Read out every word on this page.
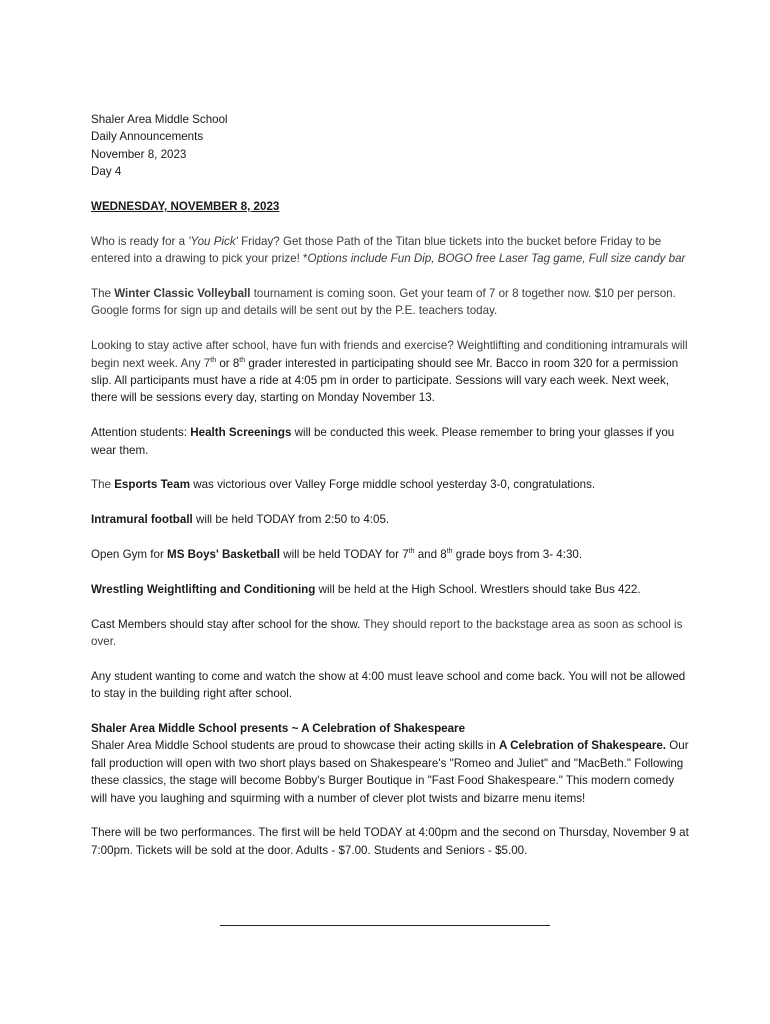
Shaler Area Middle School

Daily Announcements

November 8, 2023

Day 4

WEDNESDAY, NOVEMBER 8, 2023

Who is ready for a 'You Pick' Friday? Get those Path of the Titan blue tickets into the bucket before Friday to be entered into a drawing to pick your prize! *Options include Fun Dip, BOGO free Laser Tag game, Full size candy bar

The Winter Classic Volleyball tournament is coming soon. Get your team of 7 or 8 together now. $10 per person. Google forms for sign up and details will be sent out by the P.E. teachers today.

Looking to stay active after school, have fun with friends and exercise? Weightlifting and conditioning intramurals will begin next week. Any 7th or 8th grader interested in participating should see Mr. Bacco in room 320 for a permission slip. All participants must have a ride at 4:05 pm in order to participate. Sessions will vary each week. Next week, there will be sessions every day, starting on Monday November 13.

Attention students: Health Screenings will be conducted this week. Please remember to bring your glasses if you wear them.

The Esports Team was victorious over Valley Forge middle school yesterday 3-0, congratulations.

Intramural football will be held TODAY from 2:50 to 4:05.

Open Gym for MS Boys' Basketball will be held TODAY for 7th and 8th grade boys from 3- 4:30.

Wrestling Weightlifting and Conditioning will be held at the High School. Wrestlers should take Bus 422.

Cast Members should stay after school for the show. They should report to the backstage area as soon as school is over.

Any student wanting to come and watch the show at 4:00 must leave school and come back. You will not be allowed to stay in the building right after school.

Shaler Area Middle School presents ~ A Celebration of Shakespeare

Shaler Area Middle School students are proud to showcase their acting skills in A Celebration of Shakespeare. Our fall production will open with two short plays based on Shakespeare's "Romeo and Juliet" and "MacBeth." Following these classics, the stage will become Bobby's Burger Boutique in "Fast Food Shakespeare." This modern comedy will have you laughing and squirming with a number of clever plot twists and bizarre menu items!

There will be two performances. The first will be held TODAY at 4:00pm and the second on Thursday, November 9 at 7:00pm. Tickets will be sold at the door. Adults - $7.00. Students and Seniors - $5.00.
